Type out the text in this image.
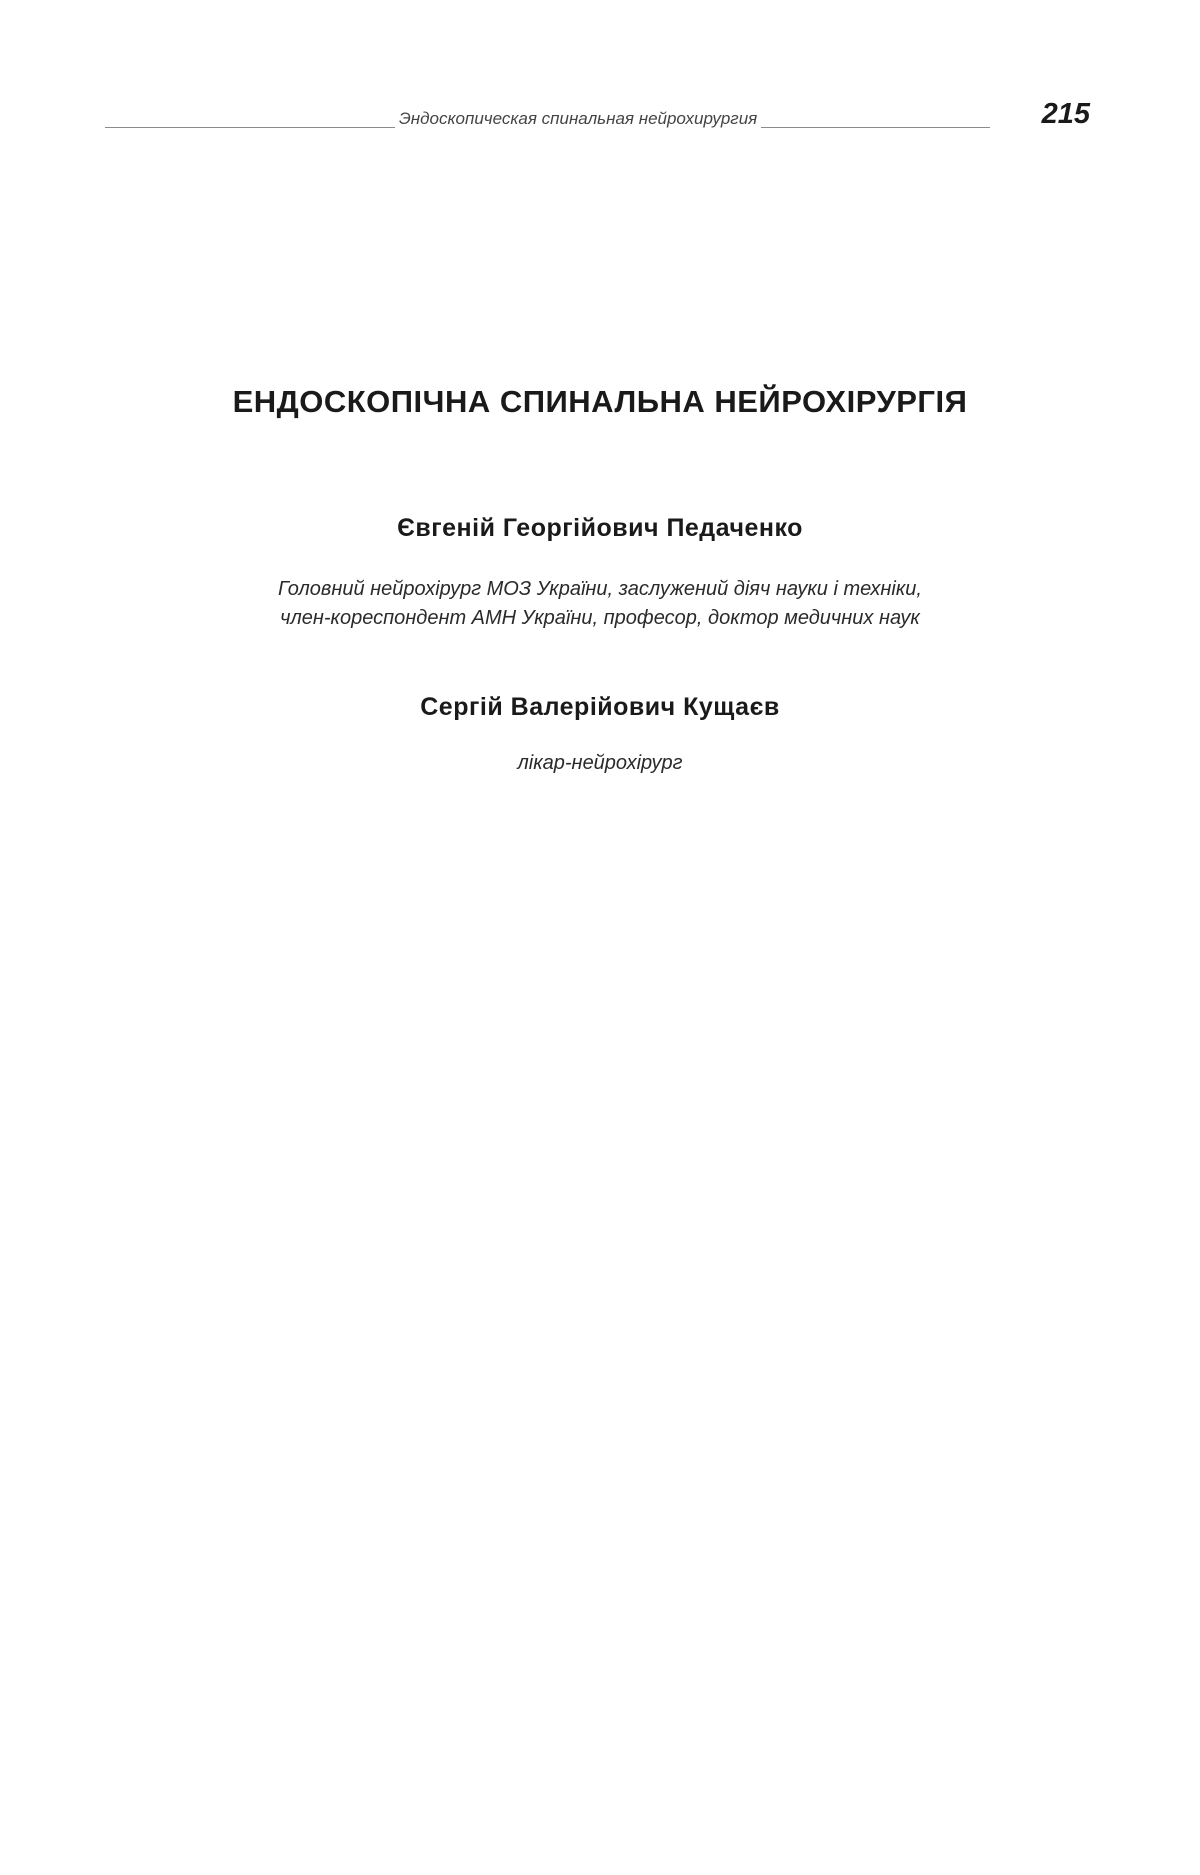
Эндоскопическая спинальная нейрохирургия	215
ЕНДОСКОПІЧНА СПИНАЛЬНА НЕЙРОХІРУРГІЯ
Євгеній Георгійович Педаченко
Головний нейрохірург МОЗ України, заслужений діяч науки і техніки,
член-кореспондент АМН України, професор, доктор медичних наук
Сергій Валерійович Кущаєв
лікар-нейрохірург
